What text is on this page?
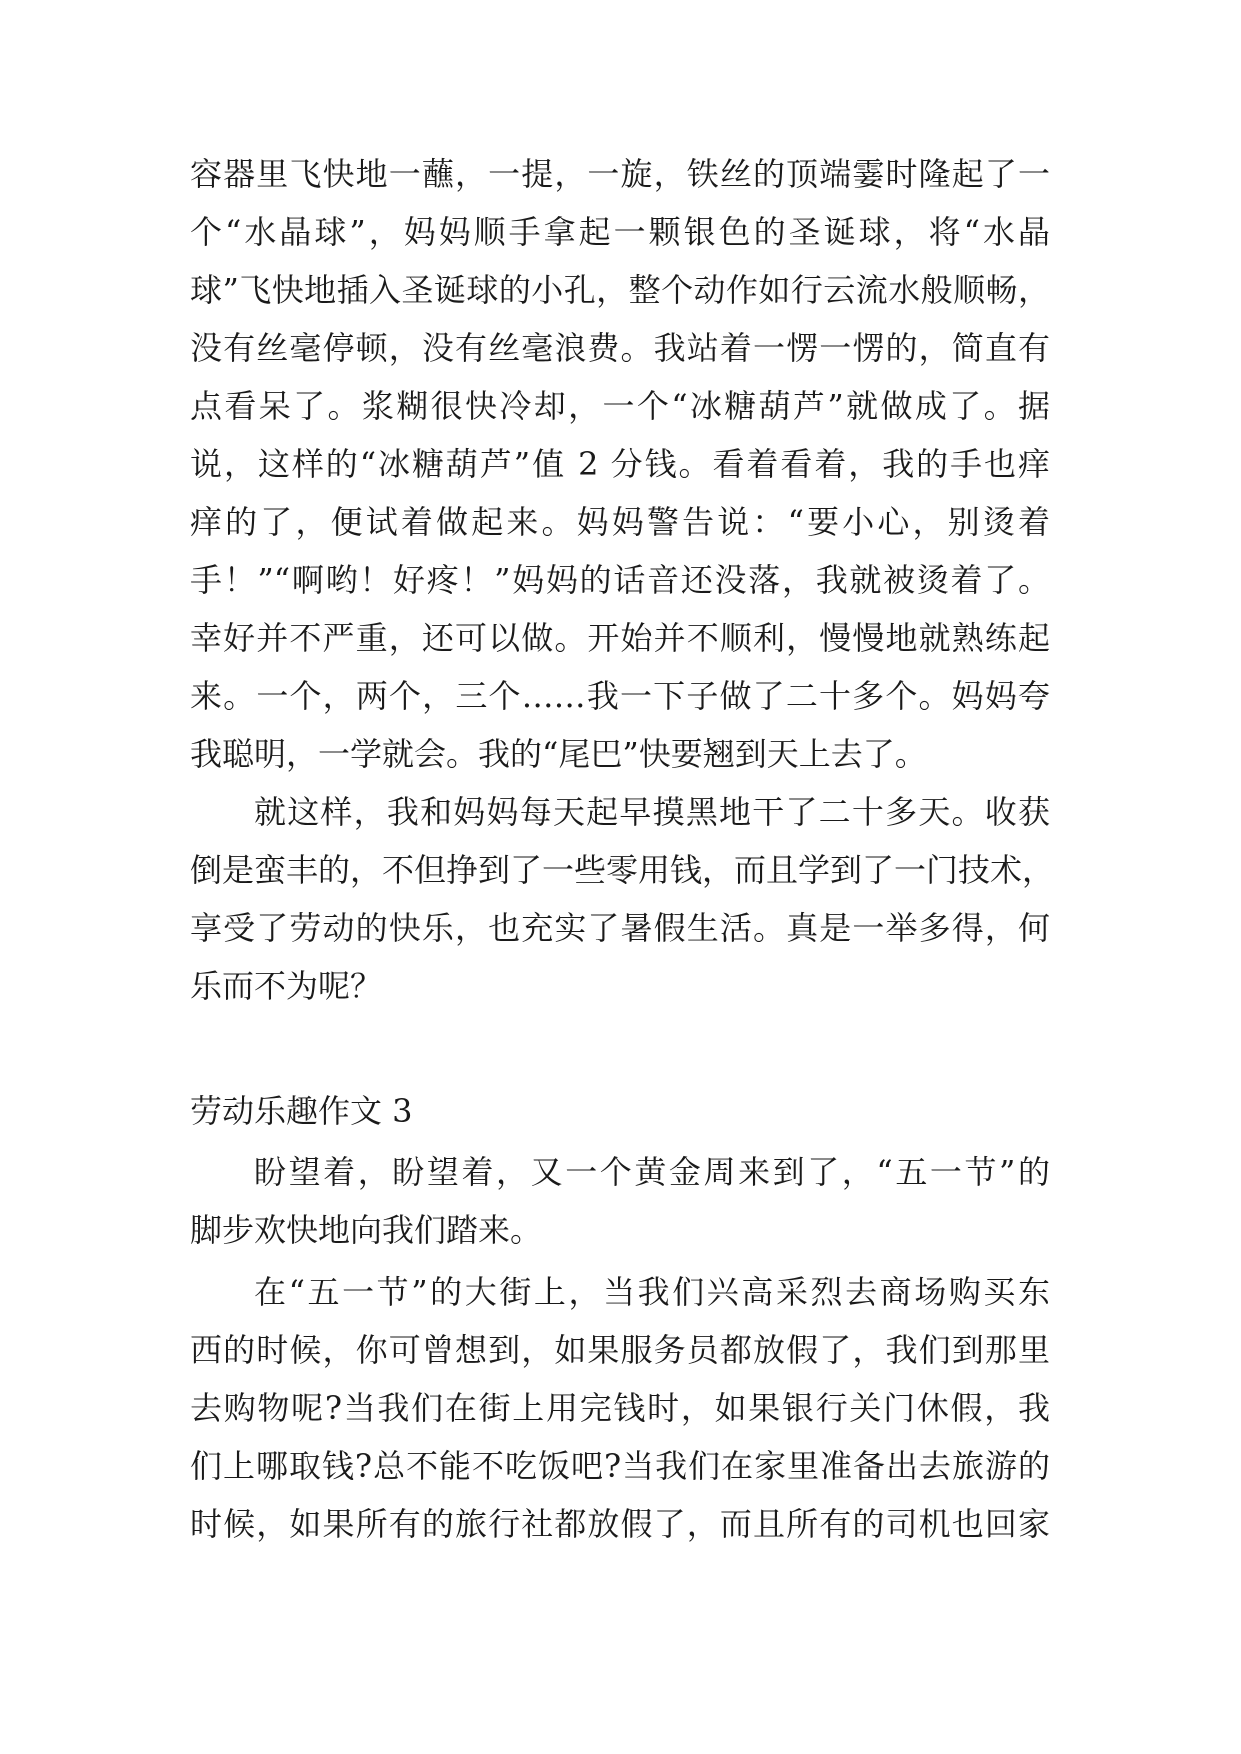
容器里飞快地一蘸，一提，一旋，铁丝的顶端霎时隆起了一
个“水晶球”，妈妈顺手拿起一颗银色的圣诞球，将“水晶
球”飞快地插入圣诞球的小孔，整个动作如行云流水般顺畅，
没有丝毫停顿，没有丝毫浪费。我站着一愣一愣的，简直有
点看呆了。浆糊很快冷却，一个“冰糖葫芦”就做成了。据
说，这样的“冰糖葫芦”值 2 分钱。看着看着，我的手也痒
痒的了，便试着做起来。妈妈警告说：“要小心，别烫着
手！”“啊哟！好疼！”妈妈的话音还没落，我就被烫着了。
幸好并不严重，还可以做。开始并不顺利，慢慢地就熟练起
来。一个，两个，三个……我一下子做了二十多个。妈妈夸
我聪明，一学就会。我的“尾巴”快要翘到天上去了。
就这样，我和妈妈每天起早摸黑地干了二十多天。收获
倒是蛮丰的，不但挣到了一些零用钱，而且学到了一门技术，
享受了劳动的快乐，也充实了暑假生活。真是一举多得，何
乐而不为呢？
劳动乐趣作文 3
盼望着，盼望着，又一个黄金周来到了，“五一节”的
脚步欢快地向我们踏来。
在“五一节”的大街上，当我们兴高采烈去商场购买东
西的时候，你可曾想到，如果服务员都放假了，我们到那里
去购物呢?当我们在街上用完钱时，如果银行关门休假，我
们上哪取钱?总不能不吃饭吧?当我们在家里准备出去旅游的
时候，如果所有的旅行社都放假了，而且所有的司机也回家
